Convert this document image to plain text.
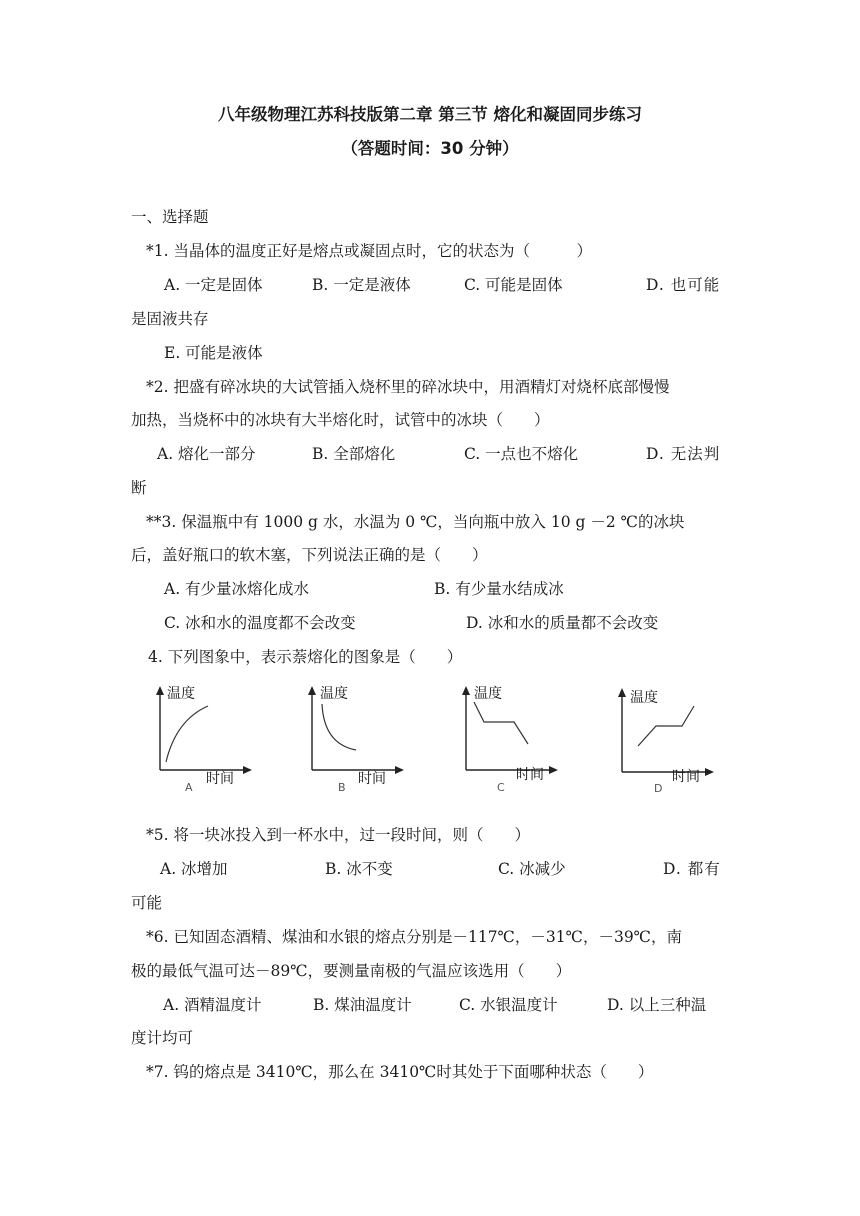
八年级物理江苏科技版第二章 第三节 熔化和凝固同步练习
（答题时间：30 分钟）
一、选择题
*1. 当晶体的温度正好是熔点或凝固点时，它的状态为（　　　）
A. 一定是固体	B. 一定是液体	C. 可能是固体	D. 也可能
是固液共存
E. 可能是液体
*2. 把盛有碎冰块的大试管插入烧杯里的碎冰块中，用酒精灯对烧杯底部慢慢
加热，当烧杯中的冰块有大半熔化时，试管中的冰块（　　）
A. 熔化一部分	B. 全部熔化	C. 一点也不熔化	D. 无法判
断
**3. 保温瓶中有 1000 g 水，水温为 0 ℃，当向瓶中放入 10 g －2 ℃的冰块
后，盖好瓶口的软木塞，下列说法正确的是（　　）
A. 有少量冰熔化成水	B. 有少量水结成冰
C. 冰和水的温度都不会改变	D. 冰和水的质量都不会改变
4. 下列图象中，表示萘熔化的图象是（　　）
温度
时间
A
温度
时间
B
温度
时间
C
温度
时间
D
*5. 将一块冰投入到一杯水中，过一段时间，则（　　）
A. 冰增加	B. 冰不变	C. 冰减少	D. 都有
可能
*6. 已知固态酒精、煤油和水银的熔点分别是－117℃，－31℃，－39℃，南
极的最低气温可达－89℃，要测量南极的气温应该选用（　　）
A. 酒精温度计	B. 煤油温度计	C. 水银温度计	D. 以上三种温
度计均可
*7. 钨的熔点是 3410℃，那么在 3410℃时其处于下面哪种状态（　　）
